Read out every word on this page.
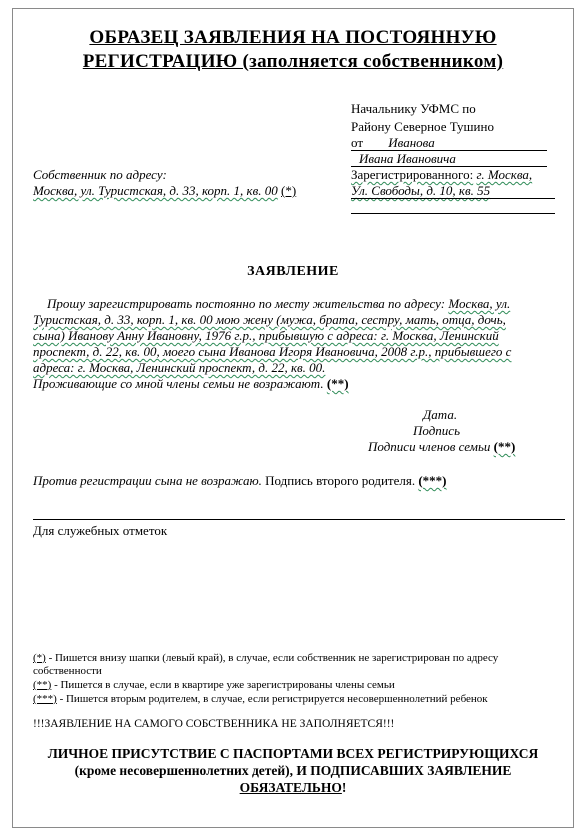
ОБРАЗЕЦ ЗАЯВЛЕНИЯ НА ПОСТОЯННУЮ
РЕГИСТРАЦИЮ (заполняется собственником)
Начальнику УФМС по
Району Северное Тушино
от Иванова
Ивана Ивановича
Зарегистрированного: г. Москва,
Ул. Свободы, д. 10, кв. 55
Собственник по адресу:
Москва, ул. Туристская, д. 33, корп. 1, кв. 00 (*)
ЗАЯВЛЕНИЕ
Прошу зарегистрировать постоянно по месту жительства по адресу: Москва, ул.
Туристская, д. 33, корп. 1, кв. 00 мою жену (мужа, брата, сестру, мать, отца, дочь,
сына) Иванову Анну Ивановну, 1976 г.р., прибывшую с адреса: г. Москва, Ленинский
проспект, д. 22, кв. 00, моего сына Иванова Игоря Ивановича, 2008 г.р., прибывшего с
адреса: г. Москва, Ленинский проспект, д. 22, кв. 00.
Проживающие со мной члены семьи не возражают. (**)
Дата.
Подпись
Подписи членов семьи (**)
Против регистрации сына не возражаю. Подпись второго родителя. (***)
Для служебных отметок
(*) - Пишется внизу шапки (левый край), в случае, если собственник не зарегистрирован по адресу
собственности
(**) - Пишется в случае, если в квартире уже зарегистрированы члены семьи
(***) - Пишется вторым родителем, в случае, если регистрируется несовершеннолетний ребенок
!!!ЗАЯВЛЕНИЕ НА САМОГО СОБСТВЕННИКА НЕ ЗАПОЛНЯЕТСЯ!!!
ЛИЧНОЕ ПРИСУТСТВИЕ С ПАСПОРТАМИ ВСЕХ РЕГИСТРИРУЮЩИХСЯ
(кроме несовершеннолетних детей), И ПОДПИСАВШИХ ЗАЯВЛЕНИЕ
ОБЯЗАТЕЛЬНО!
